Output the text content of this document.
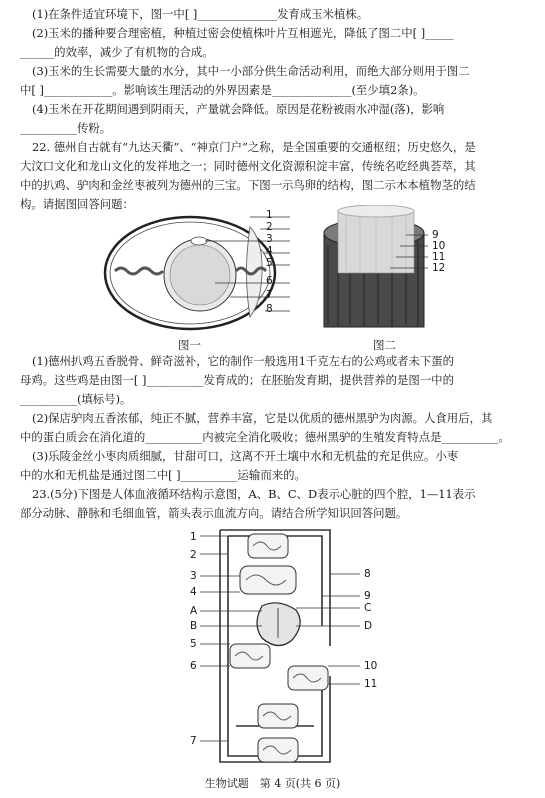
(1)在条件适宜环境下，图一中[ ]______________发育成玉米植株。
(2)玉米的播种要合理密植，种植过密会使植株叶片互相遮光，降低了图二中[ ]_____
______的效率，减少了有机物的合成。
(3)玉米的生长需要大量的水分，其中一小部分供生命活动利用，而绝大部分则用于图二
中[ ]____________。影响该生理活动的外界因素是______________(至少填2条)。
(4)玉米在开花期间遇到阴雨天，产量就会降低。原因是花粉被雨水冲湿(落)，影响
__________传粉。
22. 德州自古就有“九达天衢”、“神京门户”之称，是全国重要的交通枢纽；历史悠久，是
大汶口文化和龙山文化的发祥地之一；同时德州文化资源积淀丰富，传统名吃经典荟萃，其
中的扒鸡、驴肉和金丝枣被列为德州的三宝。下图一示鸟卵的结构，图二示木本植物茎的结
构。请据图回答问题：
1
2
3
4
5
6
7
8
图一
9
10
11
12
图二
(1)德州扒鸡五香脱骨、鲜奇滋补，它的制作一般选用1千克左右的公鸡或者未下蛋的
母鸡。这些鸡是由图一[ ]__________发育成的；在胚胎发育期，提供营养的是图一中的
__________(填标号)。
(2)保店驴肉五香浓郁，纯正不腻，营养丰富，它是以优质的德州黑驴为肉源。人食用后，其
中的蛋白质会在消化道的__________内被完全消化吸收；德州黑驴的生殖发育特点是__________。
(3)乐陵金丝小枣肉质细腻，甘甜可口，这离不开土壤中水和无机盐的充足供应。小枣
中的水和无机盐是通过图二中[ ]__________运输而来的。
23.(5分)下图是人体血液循环结构示意图，A、B、C、D表示心脏的四个腔，1—11表示
部分动脉、静脉和毛细血管，箭头表示血流方向。请结合所学知识回答问题。
1
2
3
4
A
B
5
6
7
8
9
C
D
10
11
生物试题　第 4 页(共 6 页)
